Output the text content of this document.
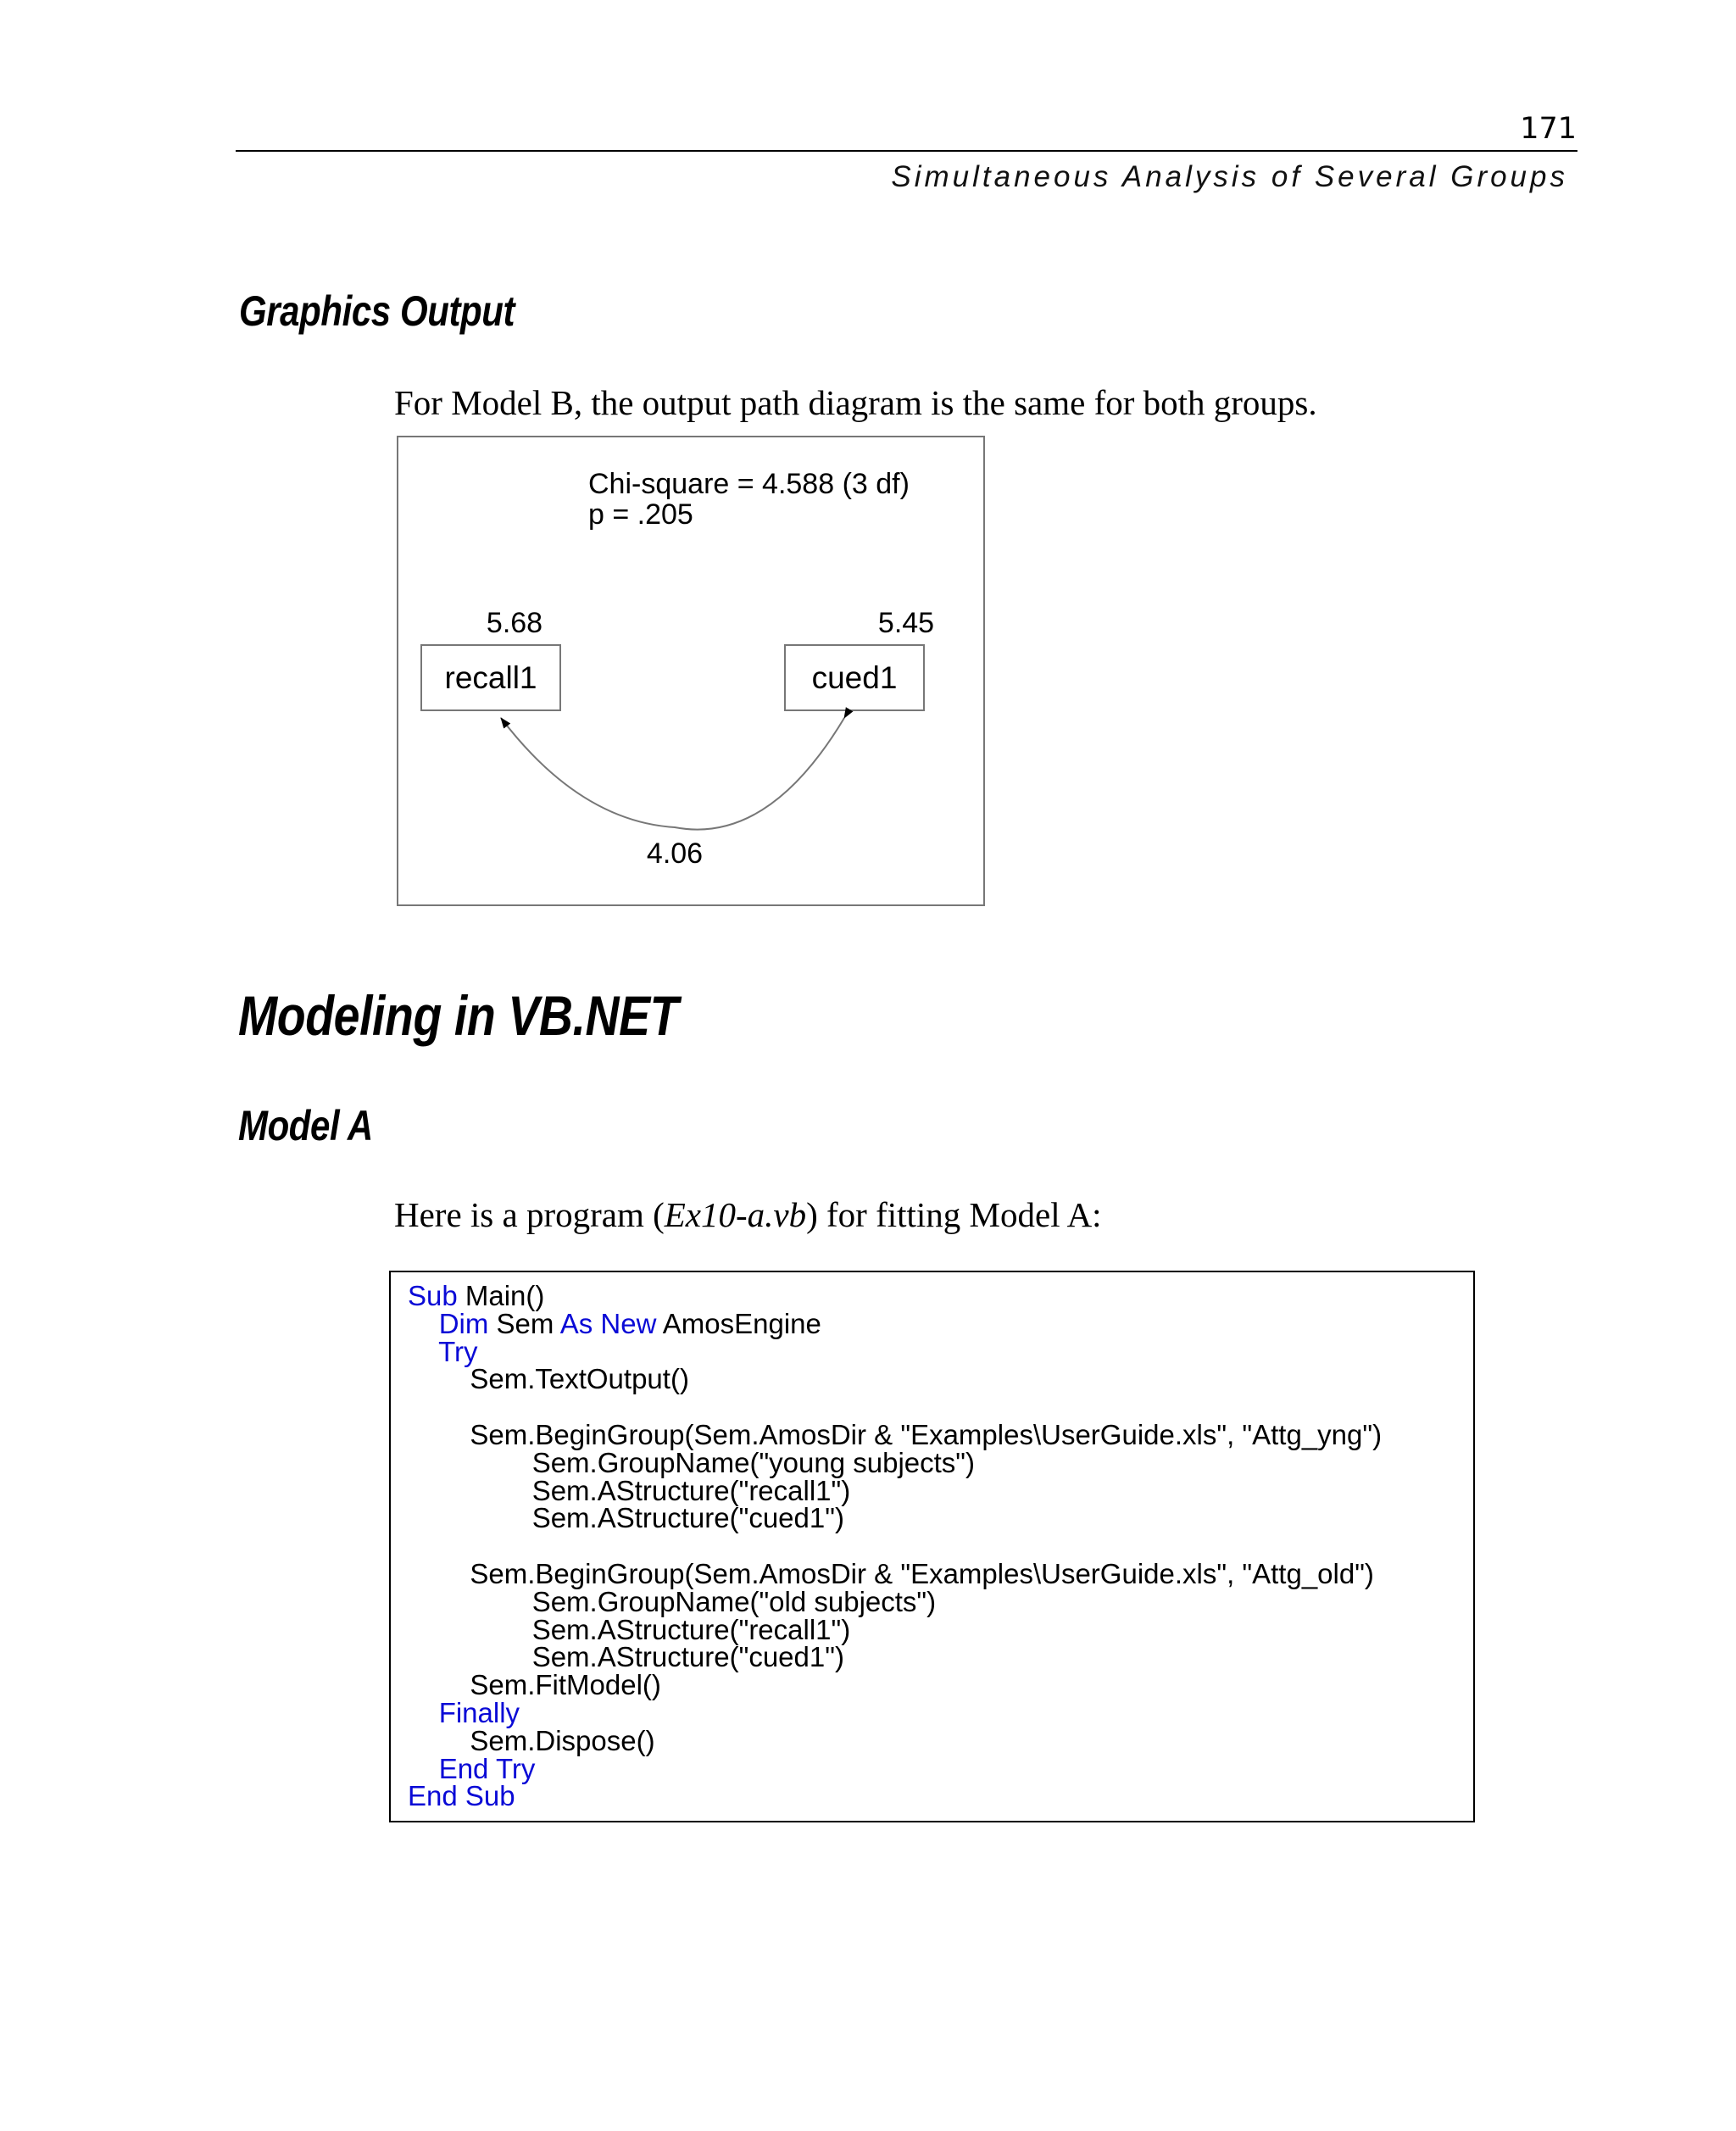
171
Simultaneous Analysis of Several Groups
Graphics Output
For Model B, the output path diagram is the same for both groups.
Chi-square = 4.588 (3 df)
p = .205
5.68
recall1
5.45
cued1
4.06
Modeling in VB.NET
Model A
Here is a program (Ex10-a.vb) for fitting Model A:
Sub Main()
Dim Sem As New AmosEngine
Try
Sem.TextOutput()
Sem.BeginGroup(Sem.AmosDir & "Examples\UserGuide.xls", "Attg_yng")
Sem.GroupName("young subjects")
Sem.AStructure("recall1")
Sem.AStructure("cued1")
Sem.BeginGroup(Sem.AmosDir & "Examples\UserGuide.xls", "Attg_old")
Sem.GroupName("old subjects")
Sem.AStructure("recall1")
Sem.AStructure("cued1")
Sem.FitModel()
Finally
Sem.Dispose()
End Try
End Sub
